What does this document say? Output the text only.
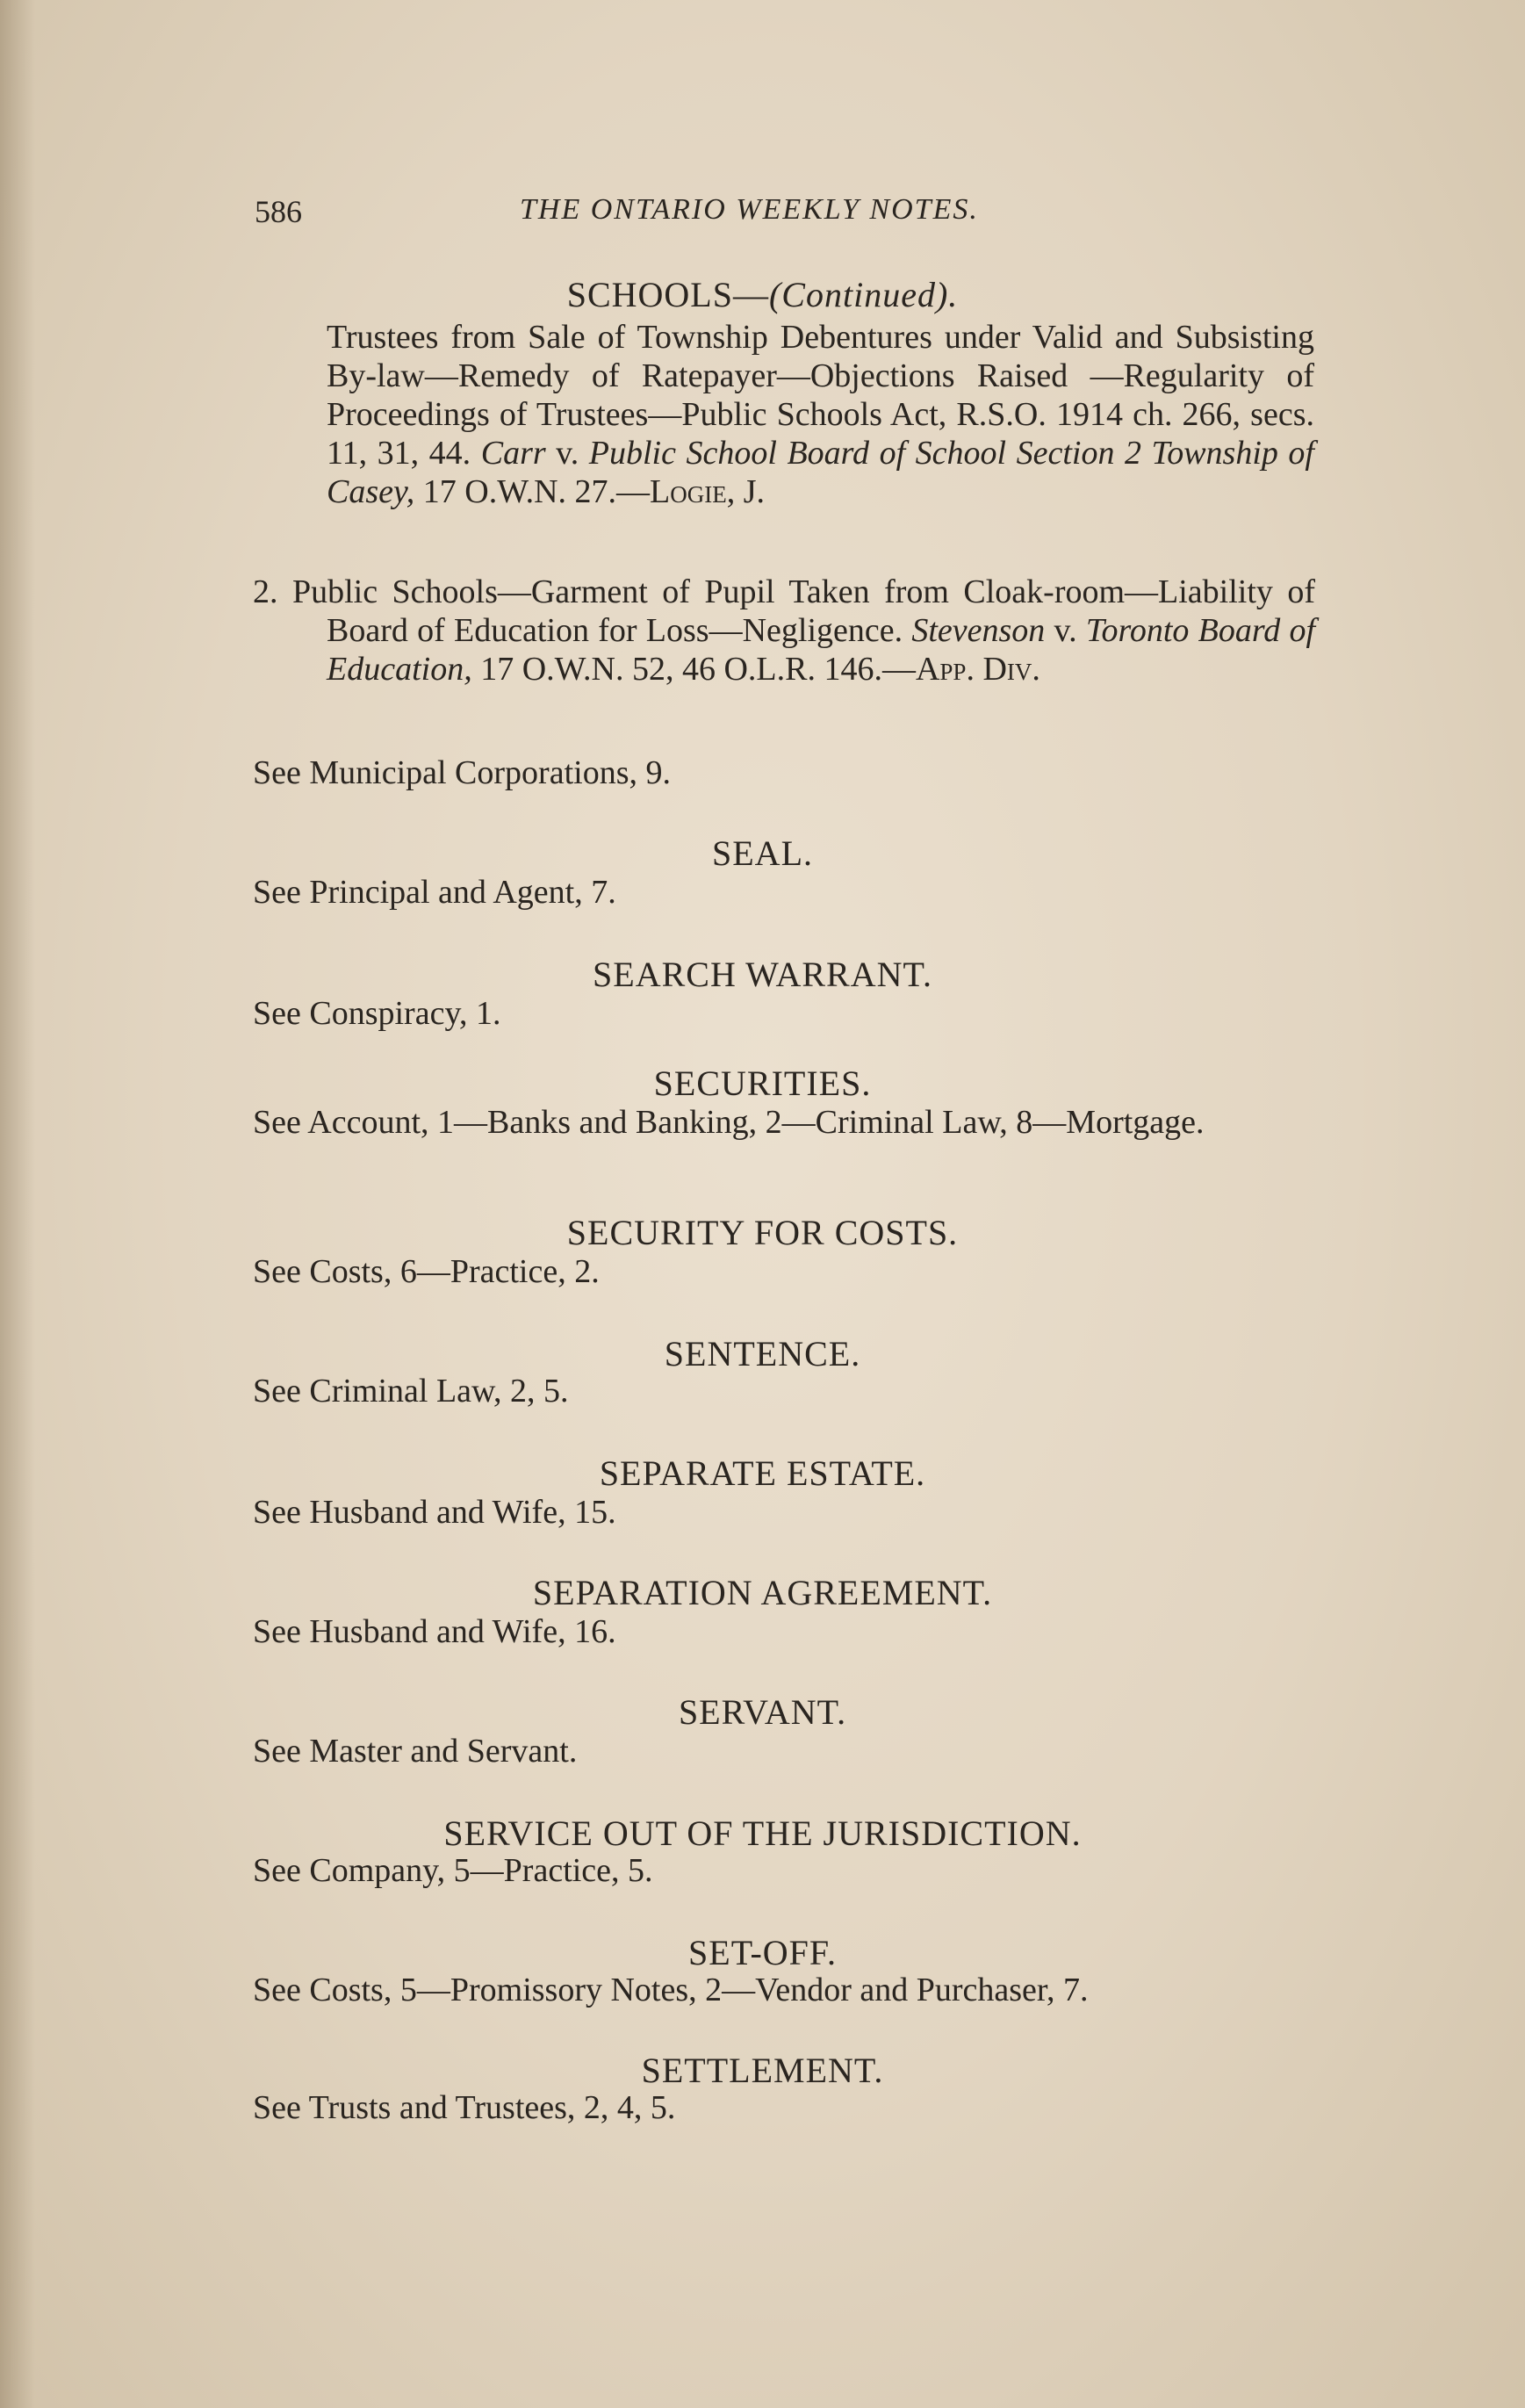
586	THE ONTARIO WEEKLY NOTES.
SCHOOLS—(Continued).

Trustees from Sale of Township Debentures under Valid and Subsisting By-law—Remedy of Ratepayer—Objections Raised —Regularity of Proceedings of Trustees—Public Schools Act, R.S.O. 1914 ch. 266, secs. 11, 31, 44. Carr v. Public School Board of School Section 2 Township of Casey, 17 O.W.N. 27.—Logie, J.

2. Public Schools—Garment of Pupil Taken from Cloak-room—Liability of Board of Education for Loss—Negligence. Stevenson v. Toronto Board of Education, 17 O.W.N. 52, 46 O.L.R. 146.—App. Div.

See Municipal Corporations, 9.

SEAL.

See Principal and Agent, 7.

SEARCH WARRANT.

See Conspiracy, 1.

SECURITIES.

See Account, 1—Banks and Banking, 2—Criminal Law, 8—Mortgage.

SECURITY FOR COSTS.

See Costs, 6—Practice, 2.

SENTENCE.

See Criminal Law, 2, 5.

SEPARATE ESTATE.

See Husband and Wife, 15.

SEPARATION AGREEMENT.

See Husband and Wife, 16.

SERVANT.

See Master and Servant.

SERVICE OUT OF THE JURISDICTION.

See Company, 5—Practice, 5.

SET-OFF.

See Costs, 5—Promissory Notes, 2—Vendor and Purchaser, 7.

SETTLEMENT.

See Trusts and Trustees, 2, 4, 5.
